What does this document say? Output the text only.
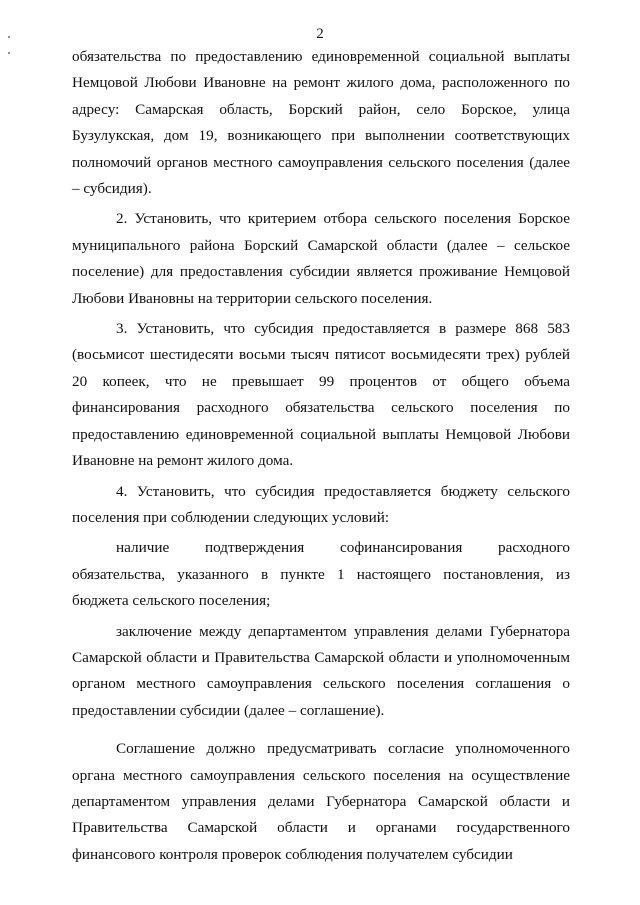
2

обязательства по предоставлению единовременной социальной выплаты Немцовой Любови Ивановне на ремонт жилого дома, расположенного по адресу: Самарская область, Борский район, село Борское, улица Бузулукская, дом 19, возникающего при выполнении соответствующих полномочий органов местного самоуправления сельского поселения (далее – субсидия).

2. Установить, что критерием отбора сельского поселения Борское муниципального района Борский Самарской области (далее – сельское поселение) для предоставления субсидии является проживание Немцовой Любови Ивановны на территории сельского поселения.

3. Установить, что субсидия предоставляется в размере 868 583 (восьмисот шестидесяти восьми тысяч пятисот восьмидесяти трех) рублей 20 копеек, что не превышает 99 процентов от общего объема финансирования расходного обязательства сельского поселения по предоставлению единовременной социальной выплаты Немцовой Любови Ивановне на ремонт жилого дома.

4. Установить, что субсидия предоставляется бюджету сельского поселения при соблюдении следующих условий:

наличие подтверждения софинансирования расходного обязательства, указанного в пункте 1 настоящего постановления, из бюджета сельского поселения;

заключение между департаментом управления делами Губернатора Самарской области и Правительства Самарской области и уполномоченным органом местного самоуправления сельского поселения соглашения о предоставлении субсидии (далее – соглашение).

Соглашение должно предусматривать согласие уполномоченного органа местного самоуправления сельского поселения на осуществление департаментом управления делами Губернатора Самарской области и Правительства Самарской области и органами государственного финансового контроля проверок соблюдения получателем субсидии
